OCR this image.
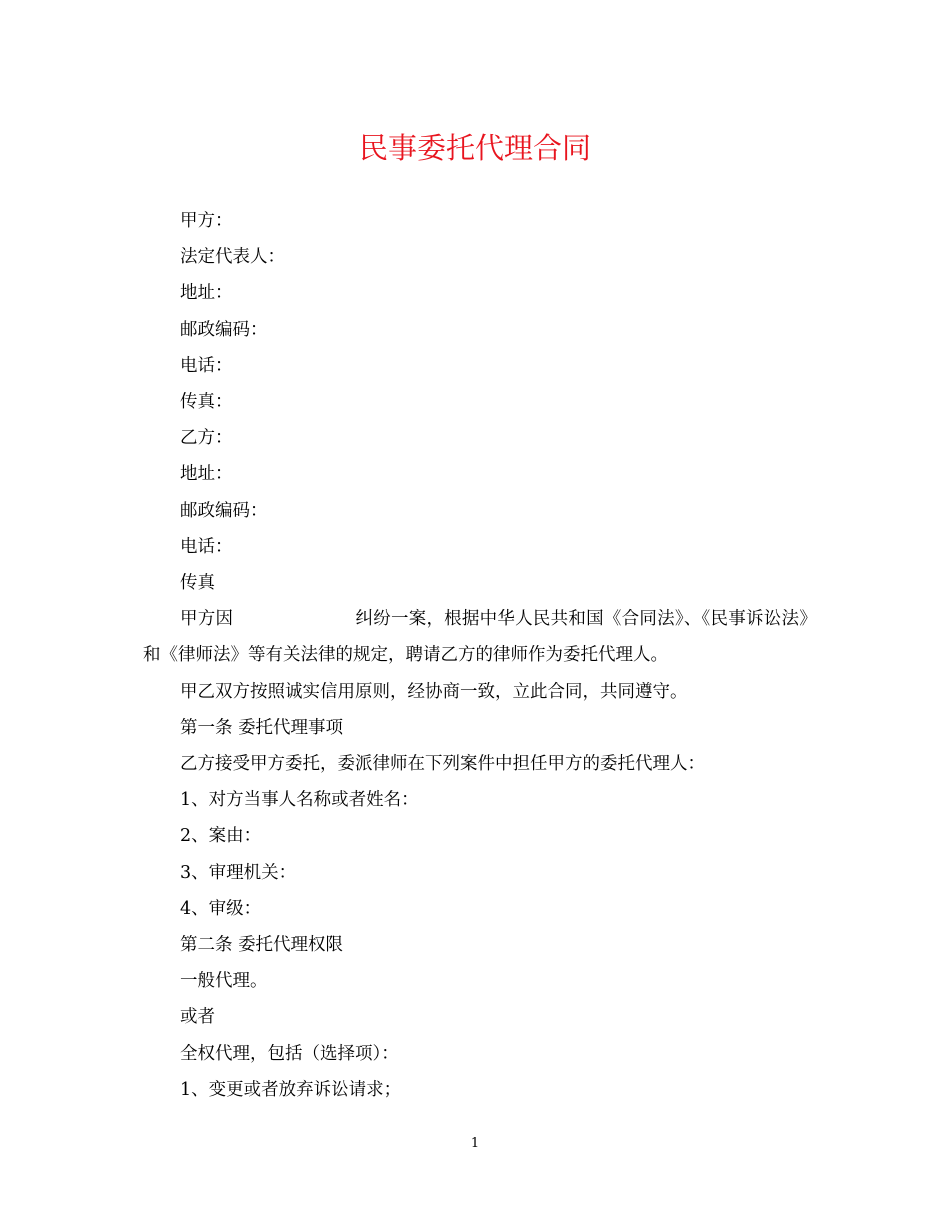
民事委托代理合同

甲方：

法定代表人：

地址：

邮政编码：

电话：

传真：

乙方：

地址：

邮政编码：

电话：

传真

甲方因	纠纷一案，根据中华人民共和国《合同法》、《民事诉讼法》和《律师法》等有关法律的规定，聘请乙方的律师作为委托代理人。

甲乙双方按照诚实信用原则，经协商一致，立此合同，共同遵守。

第一条 委托代理事项

乙方接受甲方委托，委派律师在下列案件中担任甲方的委托代理人：

1、对方当事人名称或者姓名：

2、案由：

3、审理机关：

4、审级：

第二条 委托代理权限

一般代理。

或者

全权代理，包括（选择项）：

1、变更或者放弃诉讼请求；

1
